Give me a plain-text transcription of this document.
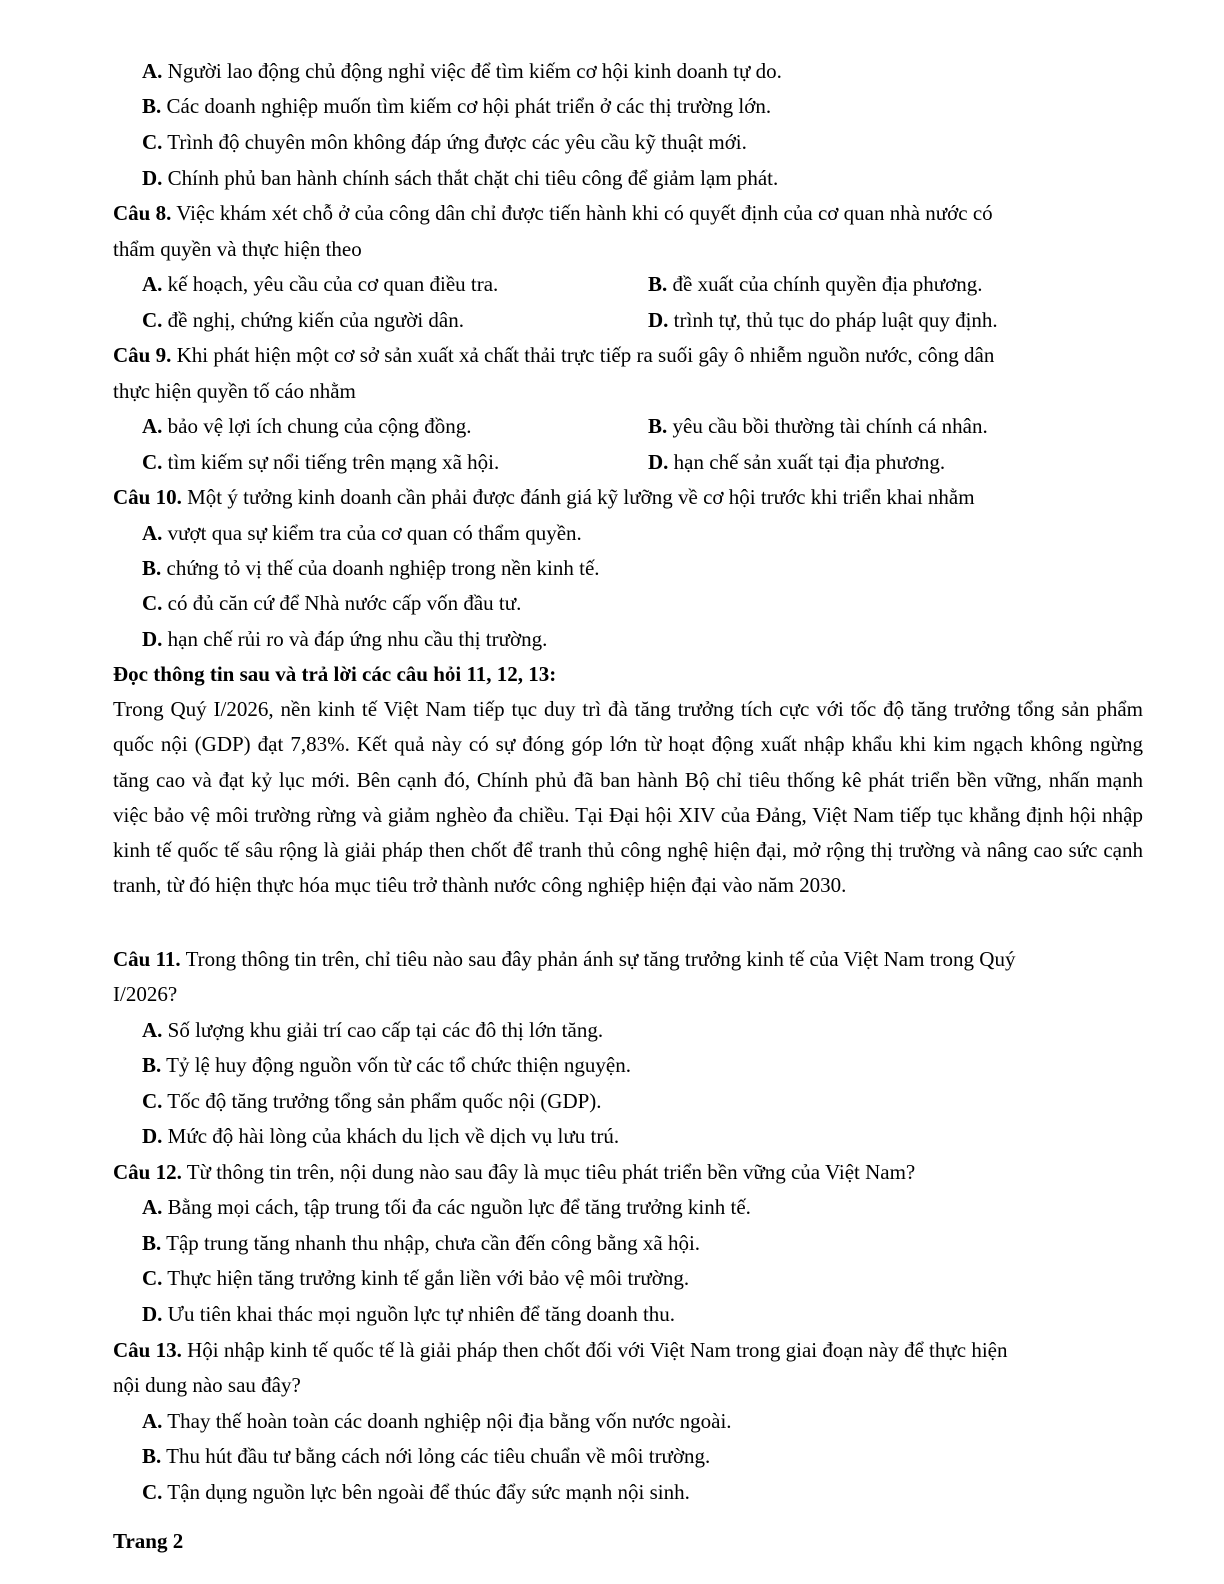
A. Người lao động chủ động nghỉ việc để tìm kiếm cơ hội kinh doanh tự do.
B. Các doanh nghiệp muốn tìm kiếm cơ hội phát triển ở các thị trường lớn.
C. Trình độ chuyên môn không đáp ứng được các yêu cầu kỹ thuật mới.
D. Chính phủ ban hành chính sách thắt chặt chi tiêu công để giảm lạm phát.
Câu 8. Việc khám xét chỗ ở của công dân chỉ được tiến hành khi có quyết định của cơ quan nhà nước có
thẩm quyền và thực hiện theo
A. kế hoạch, yêu cầu của cơ quan điều tra.	B. đề xuất của chính quyền địa phương.
C. đề nghị, chứng kiến của người dân.	D. trình tự, thủ tục do pháp luật quy định.
Câu 9. Khi phát hiện một cơ sở sản xuất xả chất thải trực tiếp ra suối gây ô nhiễm nguồn nước, công dân
thực hiện quyền tố cáo nhằm
A. bảo vệ lợi ích chung của cộng đồng.	B. yêu cầu bồi thường tài chính cá nhân.
C. tìm kiếm sự nổi tiếng trên mạng xã hội.	D. hạn chế sản xuất tại địa phương.
Câu 10. Một ý tưởng kinh doanh cần phải được đánh giá kỹ lưỡng về cơ hội trước khi triển khai nhằm
A. vượt qua sự kiểm tra của cơ quan có thẩm quyền.
B. chứng tỏ vị thế của doanh nghiệp trong nền kinh tế.
C. có đủ căn cứ để Nhà nước cấp vốn đầu tư.
D. hạn chế rủi ro và đáp ứng nhu cầu thị trường.
Đọc thông tin sau và trả lời các câu hỏi 11, 12, 13:
Trong Quý I/2026, nền kinh tế Việt Nam tiếp tục duy trì đà tăng trưởng tích cực với tốc độ tăng trưởng tổng sản phẩm quốc nội (GDP) đạt 7,83%. Kết quả này có sự đóng góp lớn từ hoạt động xuất nhập khẩu khi kim ngạch không ngừng tăng cao và đạt kỷ lục mới. Bên cạnh đó, Chính phủ đã ban hành Bộ chỉ tiêu thống kê phát triển bền vững, nhấn mạnh việc bảo vệ môi trường rừng và giảm nghèo đa chiều. Tại Đại hội XIV của Đảng, Việt Nam tiếp tục khẳng định hội nhập kinh tế quốc tế sâu rộng là giải pháp then chốt để tranh thủ công nghệ hiện đại, mở rộng thị trường và nâng cao sức cạnh tranh, từ đó hiện thực hóa mục tiêu trở thành nước công nghiệp hiện đại vào năm 2030.
Câu 11. Trong thông tin trên, chỉ tiêu nào sau đây phản ánh sự tăng trưởng kinh tế của Việt Nam trong Quý
I/2026?
A. Số lượng khu giải trí cao cấp tại các đô thị lớn tăng.
B. Tỷ lệ huy động nguồn vốn từ các tổ chức thiện nguyện.
C. Tốc độ tăng trưởng tổng sản phẩm quốc nội (GDP).
D. Mức độ hài lòng của khách du lịch về dịch vụ lưu trú.
Câu 12. Từ thông tin trên, nội dung nào sau đây là mục tiêu phát triển bền vững của Việt Nam?
A. Bằng mọi cách, tập trung tối đa các nguồn lực để tăng trưởng kinh tế.
B. Tập trung tăng nhanh thu nhập, chưa cần đến công bằng xã hội.
C. Thực hiện tăng trưởng kinh tế gắn liền với bảo vệ môi trường.
D. Ưu tiên khai thác mọi nguồn lực tự nhiên để tăng doanh thu.
Câu 13. Hội nhập kinh tế quốc tế là giải pháp then chốt đối với Việt Nam trong giai đoạn này để thực hiện
nội dung nào sau đây?
A. Thay thế hoàn toàn các doanh nghiệp nội địa bằng vốn nước ngoài.
B. Thu hút đầu tư bằng cách nới lỏng các tiêu chuẩn về môi trường.
C. Tận dụng nguồn lực bên ngoài để thúc đẩy sức mạnh nội sinh.
Trang 2
